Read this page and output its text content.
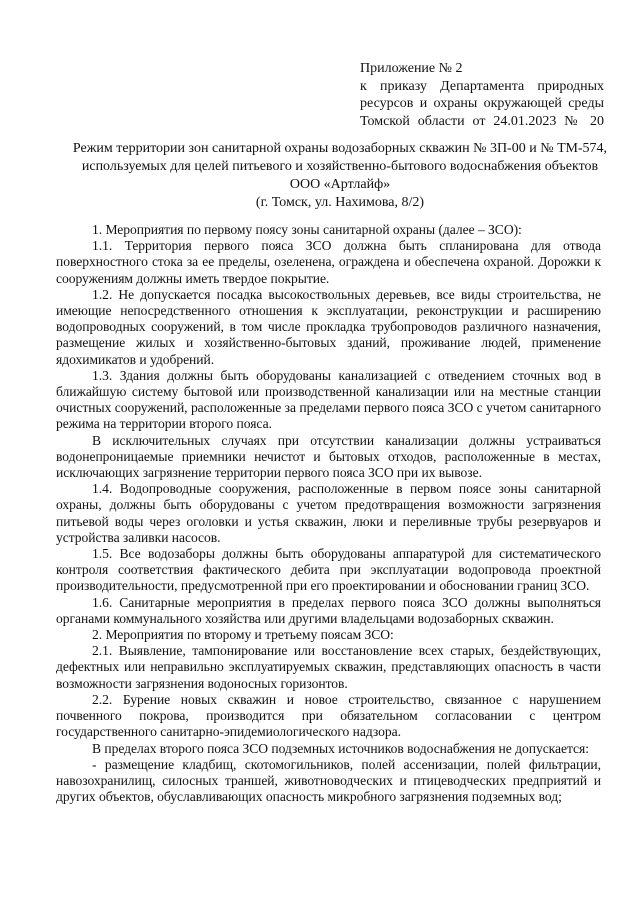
Приложение № 2
к приказу Департамента природных
ресурсов и охраны окружающей среды
Томской области от 24.01.2023 № 20
Режим территории зон санитарной охраны водозаборных скважин № 3П-00 и № ТМ-574,
используемых для целей питьевого и хозяйственно-бытового водоснабжения объектов
ООО «Артлайф»
(г. Томск, ул. Нахимова, 8/2)

1. Мероприятия по первому поясу зоны санитарной охраны (далее – ЗСО):

1.1. Территория первого пояса ЗСО должна быть спланирована для отвода поверхностного стока за ее пределы, озеленена, ограждена и обеспечена охраной. Дорожки к сооружениям должны иметь твердое покрытие.

1.2. Не допускается посадка высокоствольных деревьев, все виды строительства, не имеющие непосредственного отношения к эксплуатации, реконструкции и расширению водопроводных сооружений, в том числе прокладка трубопроводов различного назначения, размещение жилых и хозяйственно-бытовых зданий, проживание людей, применение ядохимикатов и удобрений.

1.3. Здания должны быть оборудованы канализацией с отведением сточных вод в ближайшую систему бытовой или производственной канализации или на местные станции очистных сооружений, расположенные за пределами первого пояса ЗСО с учетом санитарного режима на территории второго пояса.

В исключительных случаях при отсутствии канализации должны устраиваться водонепроницаемые приемники нечистот и бытовых отходов, расположенные в местах, исключающих загрязнение территории первого пояса ЗСО при их вывозе.

1.4. Водопроводные сооружения, расположенные в первом поясе зоны санитарной охраны, должны быть оборудованы с учетом предотвращения возможности загрязнения питьевой воды через оголовки и устья скважин, люки и переливные трубы резервуаров и устройства заливки насосов.

1.5. Все водозаборы должны быть оборудованы аппаратурой для систематического контроля соответствия фактического дебита при эксплуатации водопровода проектной производительности, предусмотренной при его проектировании и обосновании границ ЗСО.

1.6. Санитарные мероприятия в пределах первого пояса ЗСО должны выполняться органами коммунального хозяйства или другими владельцами водозаборных скважин.

2. Мероприятия по второму и третьему поясам ЗСО:

2.1. Выявление, тампонирование или восстановление всех старых, бездействующих, дефектных или неправильно эксплуатируемых скважин, представляющих опасность в части возможности загрязнения водоносных горизонтов.

2.2. Бурение новых скважин и новое строительство, связанное с нарушением почвенного покрова, производится при обязательном согласовании с центром государственного санитарно-эпидемиологического надзора.

В пределах второго пояса ЗСО подземных источников водоснабжения не допускается:

- размещение кладбищ, скотомогильников, полей ассенизации, полей фильтрации, навозохранилищ, силосных траншей, животноводческих и птицеводческих предприятий и других объектов, обуславливающих опасность микробного загрязнения подземных вод;
